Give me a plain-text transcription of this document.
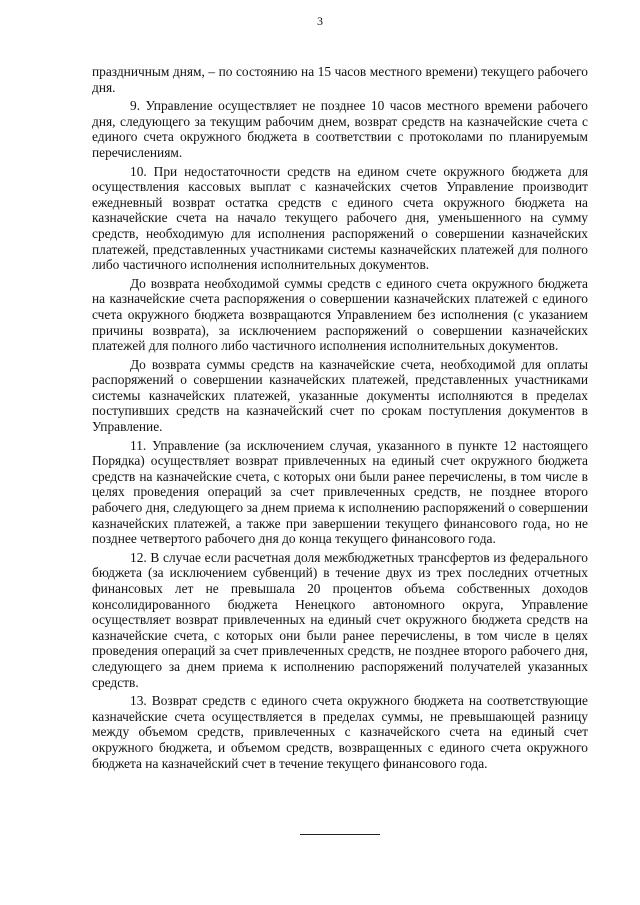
3

праздничным дням, – по состоянию на 15 часов местного времени) текущего рабочего дня.

9. Управление осуществляет не позднее 10 часов местного времени рабочего дня, следующего за текущим рабочим днем, возврат средств на казначейские счета с единого счета окружного бюджета в соответствии с протоколами по планируемым перечислениям.

10. При недостаточности средств на едином счете окружного бюджета для осуществления кассовых выплат с казначейских счетов Управление производит ежедневный возврат остатка средств с единого счета окружного бюджета на казначейские счета на начало текущего рабочего дня, уменьшенного на сумму средств, необходимую для исполнения распоряжений о совершении казначейских платежей, представленных участниками системы казначейских платежей для полного либо частичного исполнения исполнительных документов.

До возврата необходимой суммы средств с единого счета окружного бюджета на казначейские счета распоряжения о совершении казначейских платежей с единого счета окружного бюджета возвращаются Управлением без исполнения (с указанием причины возврата), за исключением распоряжений о совершении казначейских платежей для полного либо частичного исполнения исполнительных документов.

До возврата суммы средств на казначейские счета, необходимой для оплаты распоряжений о совершении казначейских платежей, представленных участниками системы казначейских платежей, указанные документы исполняются в пределах поступивших средств на казначейский счет по срокам поступления документов в Управление.

11. Управление (за исключением случая, указанного в пункте 12 настоящего Порядка) осуществляет возврат привлеченных на единый счет окружного бюджета средств на казначейские счета, с которых они были ранее перечислены, в том числе в целях проведения операций за счет привлеченных средств, не позднее второго рабочего дня, следующего за днем приема к исполнению распоряжений о совершении казначейских платежей, а также при завершении текущего финансового года, но не позднее четвертого рабочего дня до конца текущего финансового года.

12. В случае если расчетная доля межбюджетных трансфертов из федерального бюджета (за исключением субвенций) в течение двух из трех последних отчетных финансовых лет не превышала 20 процентов объема собственных доходов консолидированного бюджета Ненецкого автономного округа, Управление осуществляет возврат привлеченных на единый счет окружного бюджета средств на казначейские счета, с которых они были ранее перечислены, в том числе в целях проведения операций за счет привлеченных средств, не позднее второго рабочего дня, следующего за днем приема к исполнению распоряжений получателей указанных средств.

13. Возврат средств с единого счета окружного бюджета на соответствующие казначейские счета осуществляется в пределах суммы, не превышающей разницу между объемом средств, привлеченных с казначейского счета на единый счет окружного бюджета, и объемом средств, возвращенных с единого счета окружного бюджета на казначейский счет в течение текущего финансового года.
